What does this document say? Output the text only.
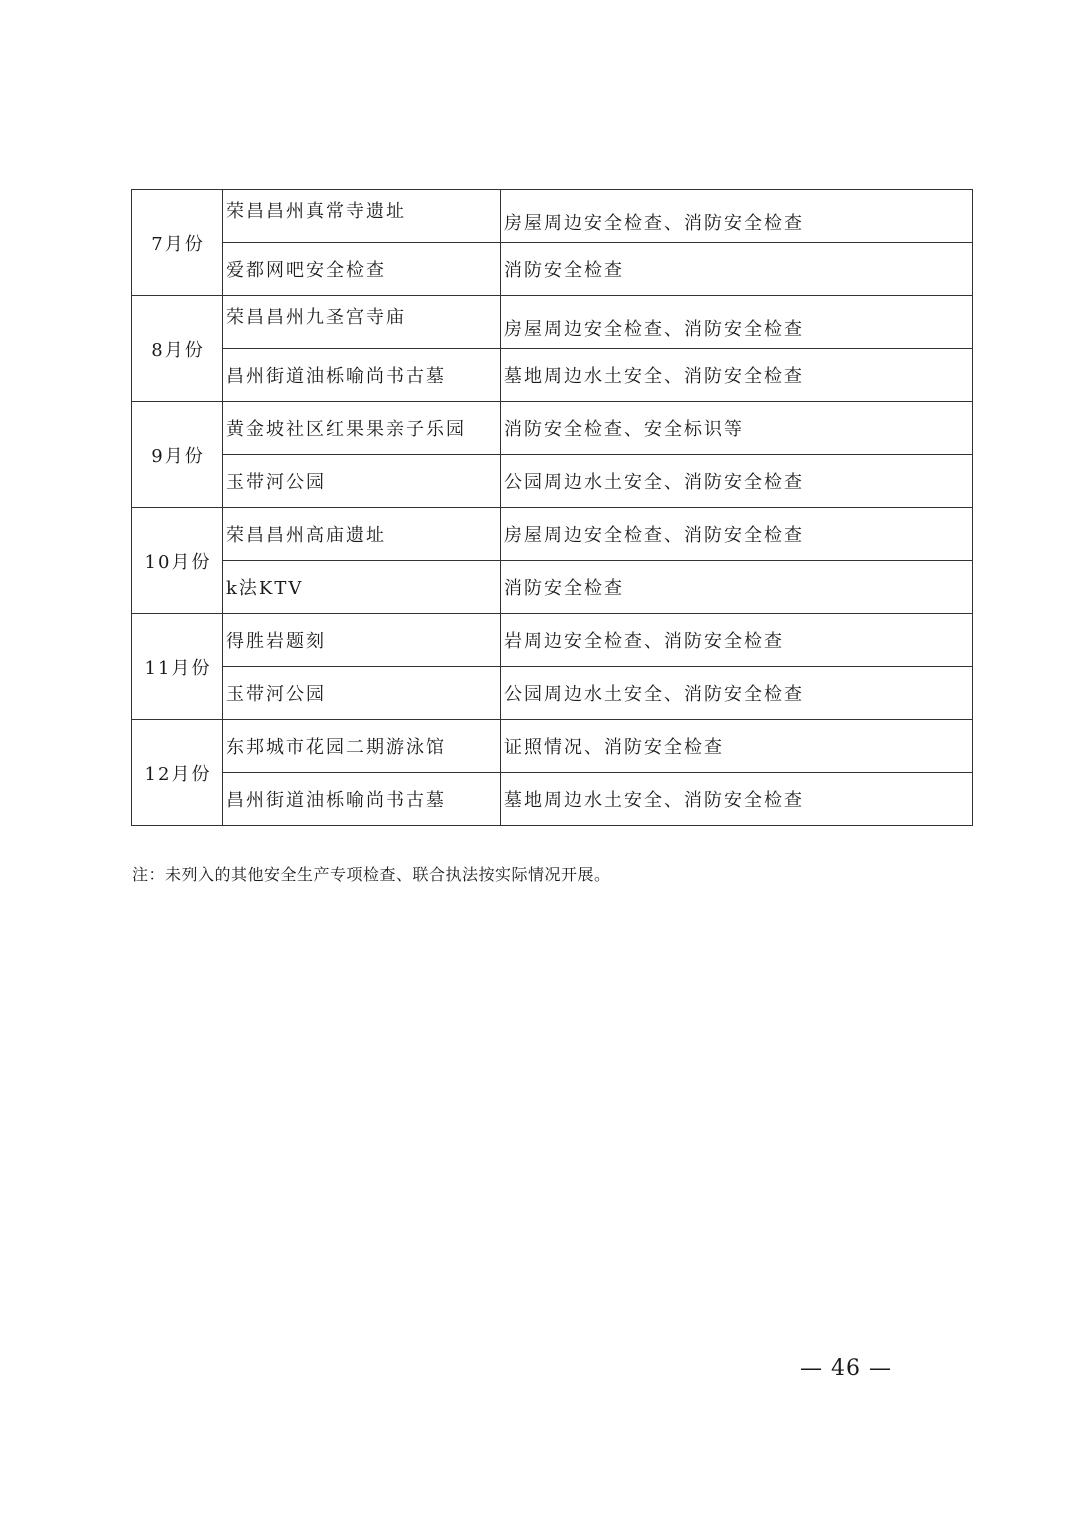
7月份	荣昌昌州真常寺遗址	房屋周边安全检查、消防安全检查
	爱都网吧安全检查	消防安全检查
8月份	荣昌昌州九圣宫寺庙	房屋周边安全检查、消防安全检查
	昌州街道油栎喻尚书古墓	墓地周边水土安全、消防安全检查
9月份	黄金坡社区红果果亲子乐园	消防安全检查、安全标识等
	玉带河公园	公园周边水土安全、消防安全检查
10月份	荣昌昌州高庙遗址	房屋周边安全检查、消防安全检查
	k法KTV	消防安全检查
11月份	得胜岩题刻	岩周边安全检查、消防安全检查
	玉带河公园	公园周边水土安全、消防安全检查
12月份	东邦城市花园二期游泳馆	证照情况、消防安全检查
	昌州街道油栎喻尚书古墓	墓地周边水土安全、消防安全检查
注：未列入的其他安全生产专项检查、联合执法按实际情况开展。
— 46 —
